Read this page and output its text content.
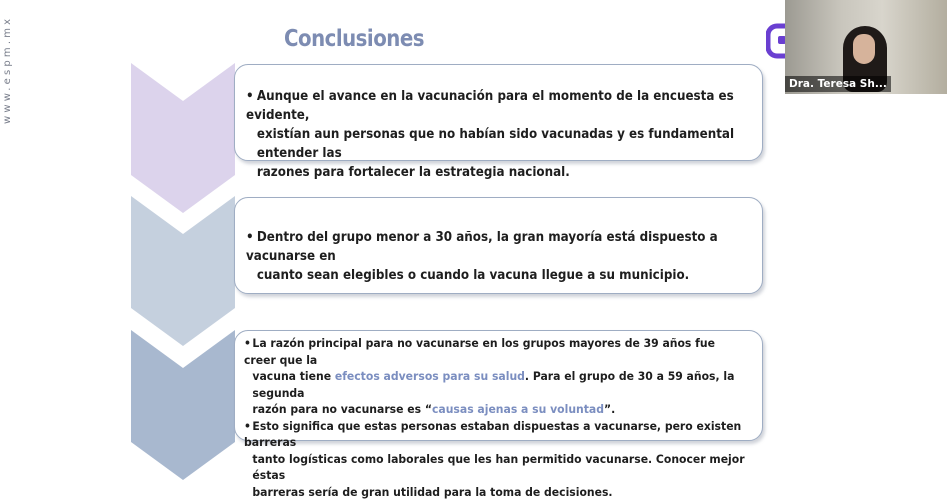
www.espm.mx	Conclusiones
• Aunque el avance en la vacunación para el momento de la encuesta es evidente,
existían aun personas que no habían sido vacunadas y es fundamental entender las
razones para fortalecer la estrategia nacional.
• Dentro del grupo menor a 30 años, la gran mayoría está dispuesto a vacunarse en
cuanto sean elegibles o cuando la vacuna llegue a su municipio.
•La razón principal para no vacunarse en los grupos mayores de 39 años fue creer que la
vacuna tiene efectos adversos para su salud. Para el grupo de 30 a 59 años, la segunda
razón para no vacunarse es “causas ajenas a su voluntad”.
•Esto significa que estas personas estaban dispuestas a vacunarse, pero existen barreras
tanto logísticas como laborales que les han permitido vacunarse. Conocer mejor éstas
barreras sería de gran utilidad para la toma de decisiones.
Dra. Teresa Sh...
